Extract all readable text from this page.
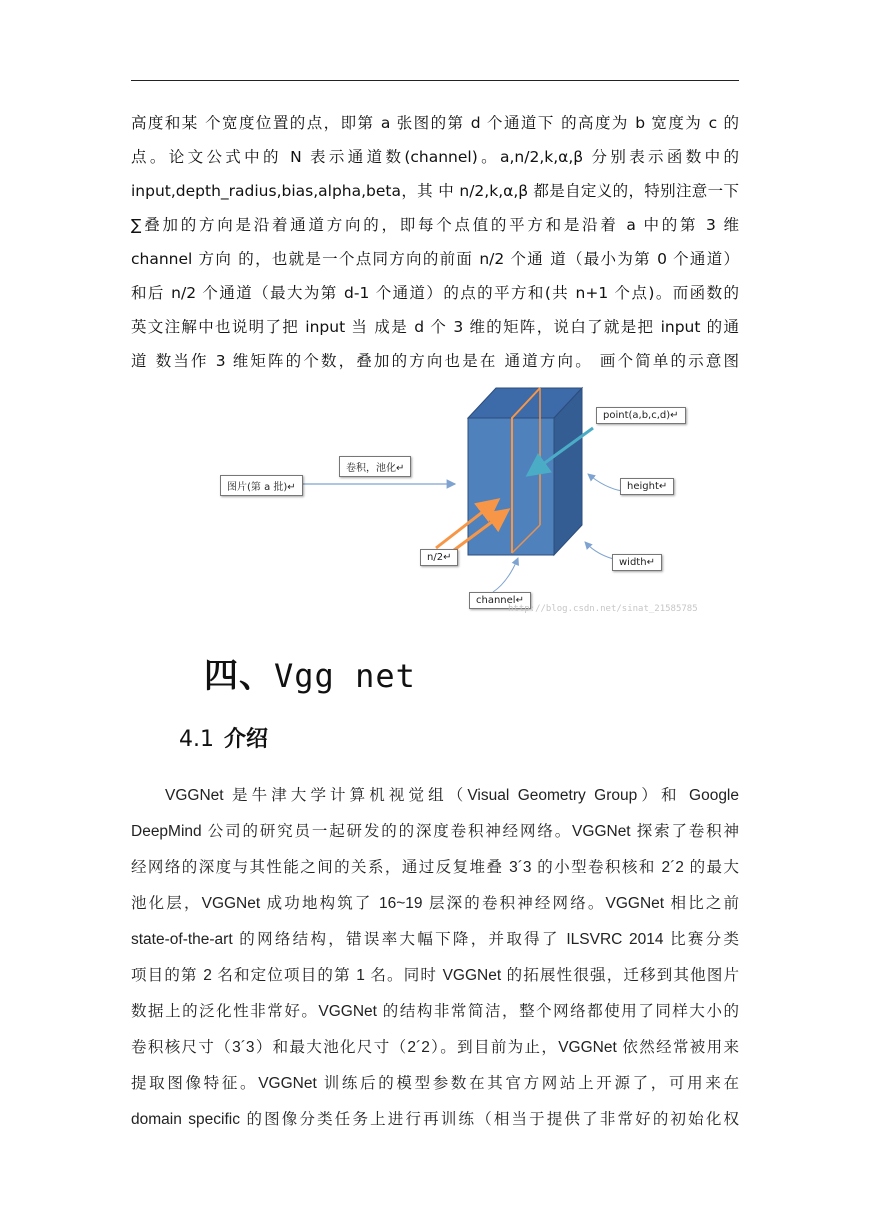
高度和某 个宽度位置的点，即第 a 张图的第 d 个通道下 的高度为 b 宽度为 c 的
点。论文公式中的 N 表示通道数(channel)。a,n/2,k,α,β 分别表示函数中的
input,depth_radius,bias,alpha,beta，其 中 n/2,k,α,β 都是自定义的，特别注意一下
∑叠加的方向是沿着通道方向的，即每个点值的平方和是沿着 a 中的第 3 维
channel 方向 的，也就是一个点同方向的前面 n/2 个通 道（最小为第 0 个通道）
和后 n/2 个通道（最大为第 d-1 个通道）的点的平方和(共 n+1 个点)。而函数的
英文注解中也说明了把 input 当 成是 d 个 3 维的矩阵，说白了就是把 input 的通
道 数当作 3 维矩阵的个数，叠加的方向也是在 通道方向。 画个简单的示意图
图片(第 a 批)↵
卷积，池化↵
point(a,b,c,d)↵
height↵
width↵
n/2↵
channel↵
http://blog.csdn.net/sinat_21585785
四、Vgg net
4.1 介绍
VGGNet 是牛津大学计算机视觉组（Visual Geometry Group）和 Google
DeepMind 公司的研究员一起研发的的深度卷积神经网络。VGGNet 探索了卷积神
经网络的深度与其性能之间的关系，通过反复堆叠 3´3 的小型卷积核和 2´2 的最大
池化层，VGGNet 成功地构筑了 16~19 层深的卷积神经网络。VGGNet 相比之前
state-of-the-art 的网络结构，错误率大幅下降，并取得了 ILSVRC 2014 比赛分类
项目的第 2 名和定位项目的第 1 名。同时 VGGNet 的拓展性很强，迁移到其他图片
数据上的泛化性非常好。VGGNet 的结构非常简洁，整个网络都使用了同样大小的
卷积核尺寸（3´3）和最大池化尺寸（2´2）。到目前为止，VGGNet 依然经常被用来
提取图像特征。VGGNet 训练后的模型参数在其官方网站上开源了，可用来在
domain specific 的图像分类任务上进行再训练（相当于提供了非常好的初始化权
